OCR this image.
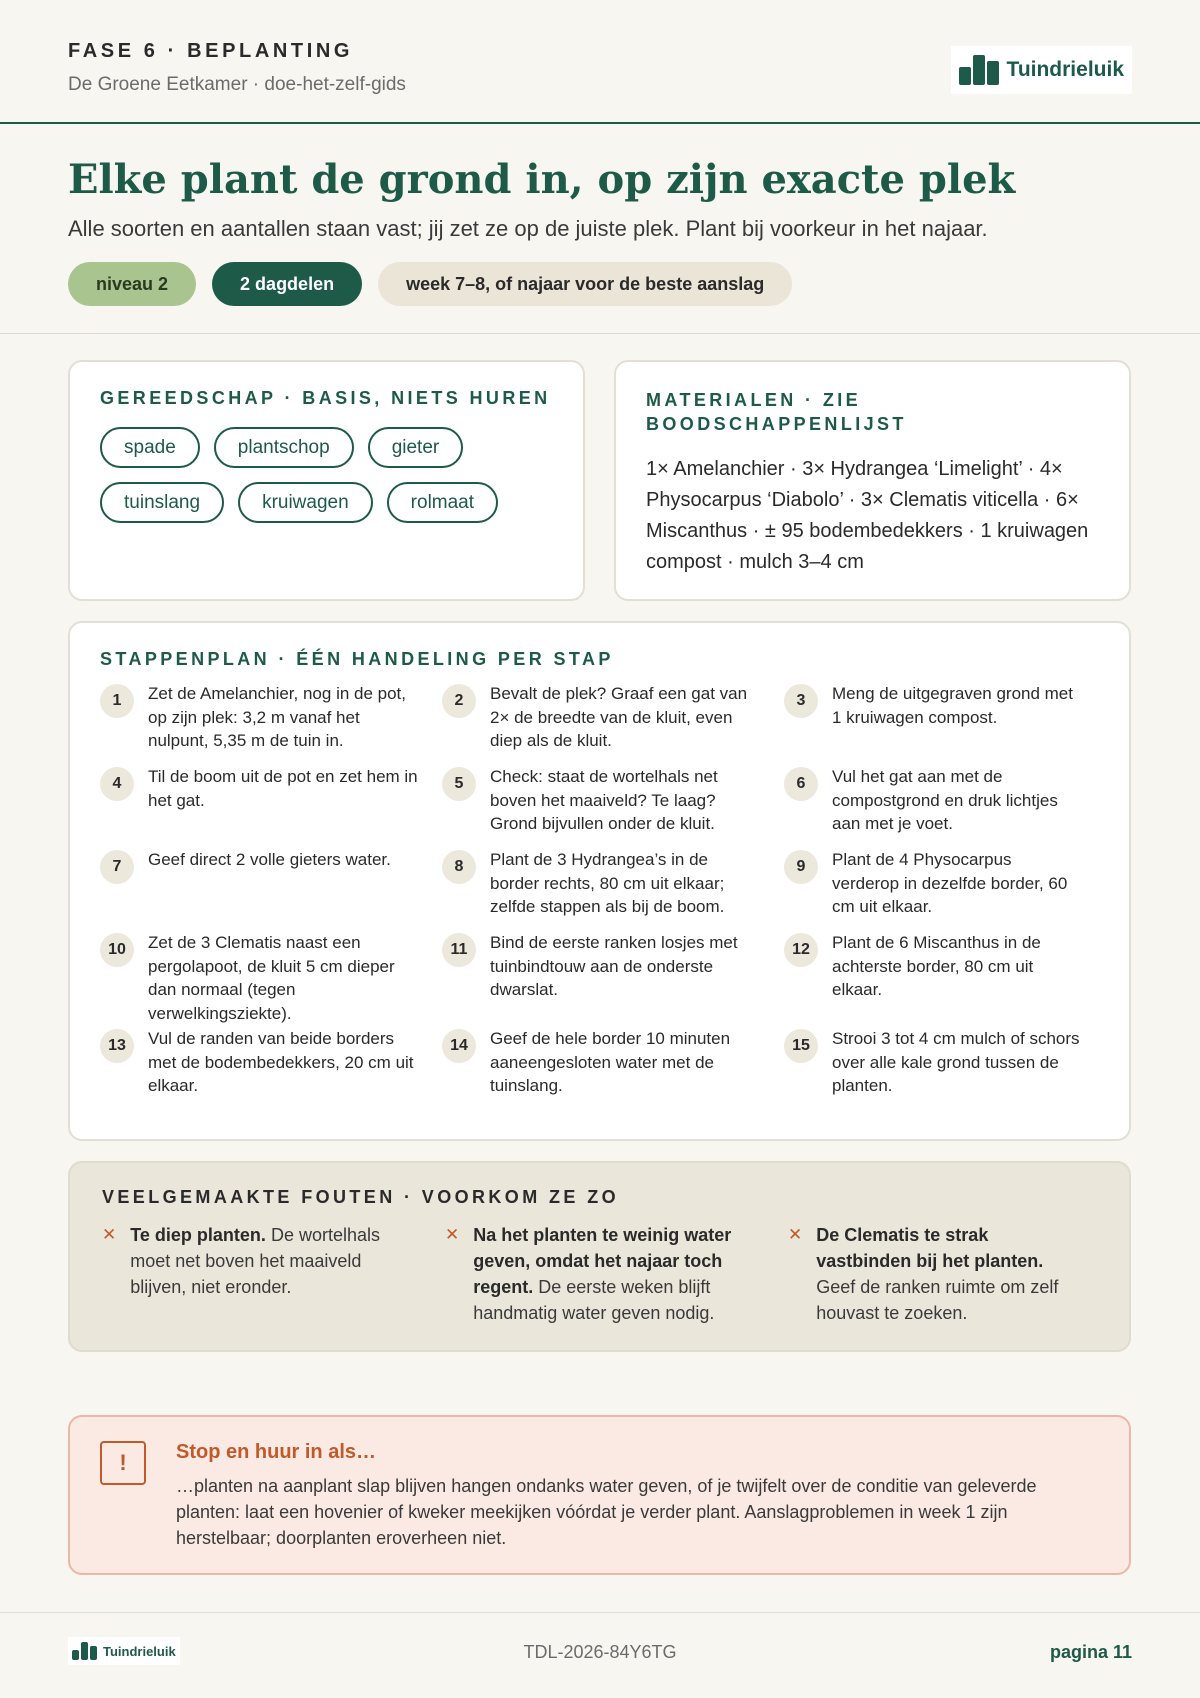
FASE 6 · BEPLANTING
De Groene Eetkamer · doe-het-zelf-gids
Tuindrieluik
Elke plant de grond in, op zijn exacte plek

Alle soorten en aantallen staan vast; jij zet ze op de juiste plek. Plant bij voorkeur in het najaar.

niveau 2	2 dagdelen	week 7–8, of najaar voor de beste aanslag
GEREEDSCHAP · BASIS, NIETS HUREN
spade	plantschop	gieter
tuinslang	kruiwagen	rolmaat
MATERIALEN · ZIE BOODSCHAPPENLIJST

1× Amelanchier · 3× Hydrangea ‘Limelight’ · 4× Physocarpus ‘Diabolo’ · 3× Clematis viticella · 6× Miscanthus · ± 95 bodembedekkers · 1 kruiwagen compost · mulch 3–4 cm

STAPPENPLAN · ÉÉN HANDELING PER STAP
1	Zet de Amelanchier, nog in de pot, op zijn plek: 3,2 m vanaf het nulpunt, 5,35 m de tuin in.
2	Bevalt de plek? Graaf een gat van 2× de breedte van de kluit, even diep als de kluit.
3	Meng de uitgegraven grond met 1 kruiwagen compost.
4	Til de boom uit de pot en zet hem in het gat.
5	Check: staat de wortelhals net boven het maaiveld? Te laag? Grond bijvullen onder de kluit.
6	Vul het gat aan met de compostgrond en druk lichtjes aan met je voet.
7	Geef direct 2 volle gieters water.	8	Plant de 3 Hydrangea’s in de border rechts, 80 cm uit elkaar; zelfde stappen als bij de boom.
9	Plant de 4 Physocarpus verderop in dezelfde border, 60 cm uit elkaar.
10	Zet de 3 Clematis naast een pergolapoot, de kluit 5 cm dieper dan normaal (tegen verwelkingsziekte).
11	Bind de eerste ranken losjes met tuinbindtouw aan de onderste dwarslat.
12	Plant de 6 Miscanthus in de achterste border, 80 cm uit elkaar.
13	Vul de randen van beide borders met de bodembedekkers, 20 cm uit elkaar.
14	Geef de hele border 10 minuten aaneengesloten water met de tuinslang.
15	Strooi 3 tot 4 cm mulch of schors over alle kale grond tussen de planten.
VEELGEMAAKTE FOUTEN · VOORKOM ZE ZO
✕ Te diep planten. De wortelhals moet net boven het maaiveld blijven, niet eronder.

✕ Na het planten te weinig water geven, omdat het najaar toch regent. De eerste weken blijft handmatig water geven nodig.

✕ De Clematis te strak vastbinden bij het planten. Geef de ranken ruimte om zelf houvast te zoeken.

!	Stop en huur in als…

…planten na aanplant slap blijven hangen ondanks water geven, of je twijfelt over de conditie van geleverde planten: laat een hovenier of kweker meekijken vóórdat je verder plant. Aanslagproblemen in week 1 zijn herstelbaar; doorplanten eroverheen niet.

Tuindrieluik	TDL-2026-84Y6TG	pagina 11
